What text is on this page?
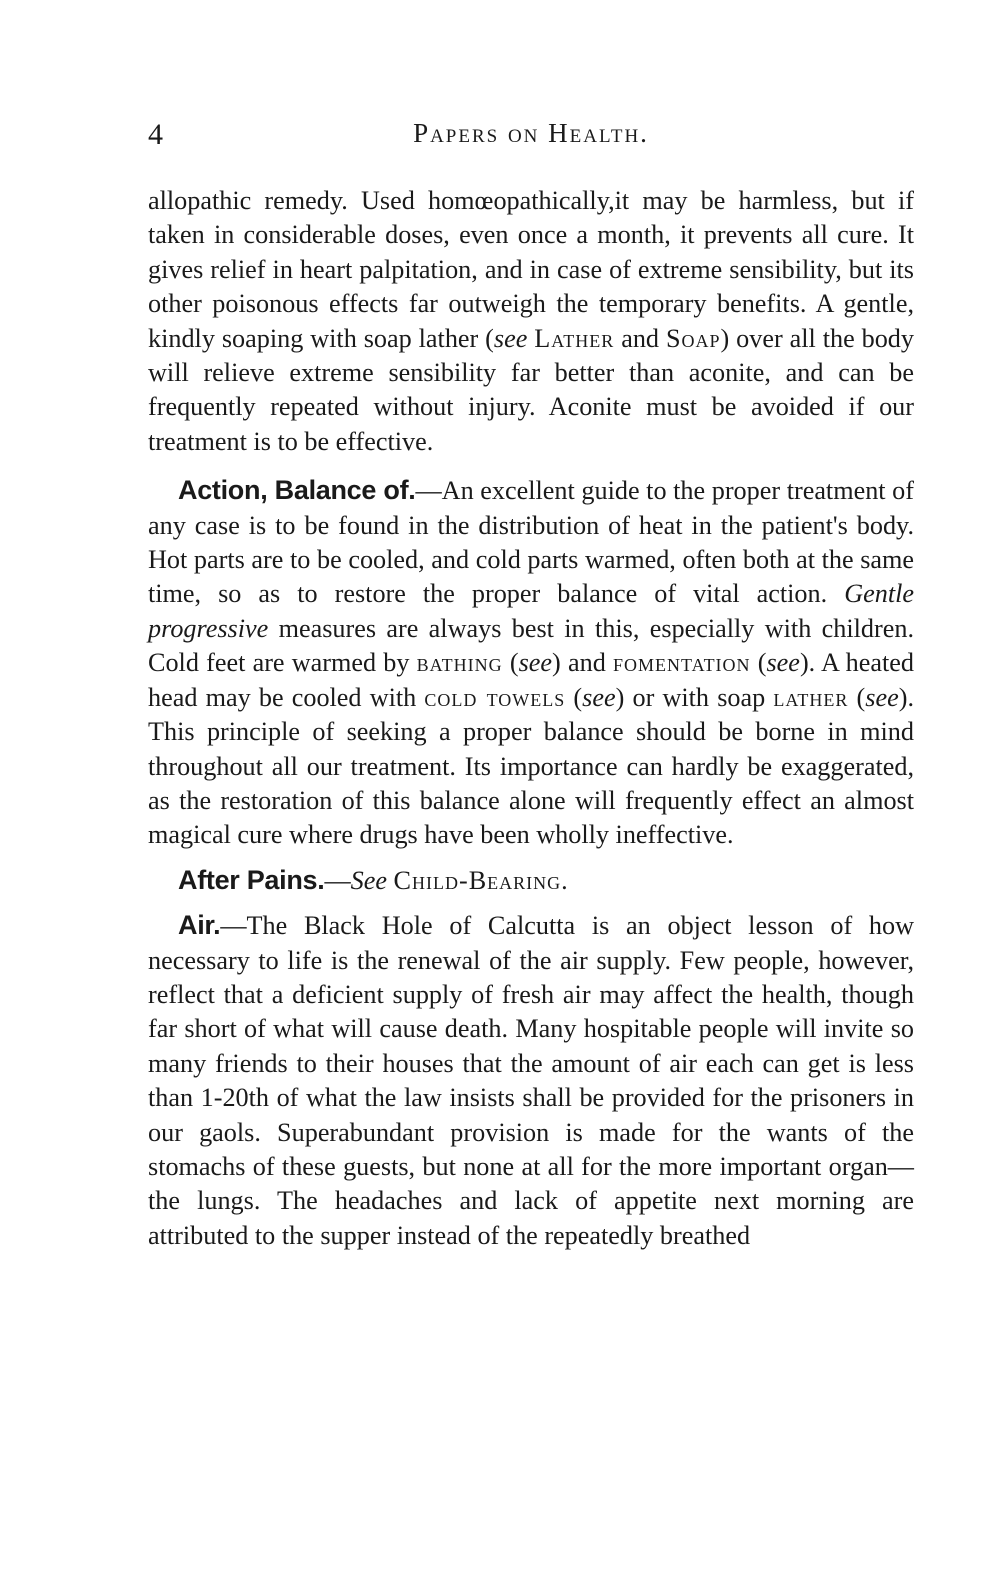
4	Papers on Health.

allopathic remedy. Used homœopathically,it may be harmless, but if taken in considerable doses, even once a month, it prevents all cure. It gives relief in heart palpitation, and in case of extreme sensibility, but its other poisonous effects far outweigh the temporary benefits. A gentle, kindly soaping with soap lather (see Lather and Soap) over all the body will relieve extreme sensibility far better than aconite, and can be frequently repeated without injury. Aconite must be avoided if our treatment is to be effective.

Action, Balance of.—An excellent guide to the proper treatment of any case is to be found in the distribution of heat in the patient's body. Hot parts are to be cooled, and cold parts warmed, often both at the same time, so as to restore the proper balance of vital action. Gentle progressive measures are always best in this, especially with children. Cold feet are warmed by bathing (see) and fomentation (see). A heated head may be cooled with cold towels (see) or with soap lather (see). This principle of seeking a proper balance should be borne in mind throughout all our treatment. Its importance can hardly be exaggerated, as the restoration of this balance alone will frequently effect an almost magical cure where drugs have been wholly ineffective.

After Pains.—See Child-Bearing.

Air.—The Black Hole of Calcutta is an object lesson of how necessary to life is the renewal of the air supply. Few people, however, reflect that a deficient supply of fresh air may affect the health, though far short of what will cause death. Many hospitable people will invite so many friends to their houses that the amount of air each can get is less than 1-20th of what the law insists shall be provided for the prisoners in our gaols. Superabundant provision is made for the wants of the stomachs of these guests, but none at all for the more important organ—the lungs. The headaches and lack of appetite next morning are attributed to the supper instead of the repeatedly breathed
